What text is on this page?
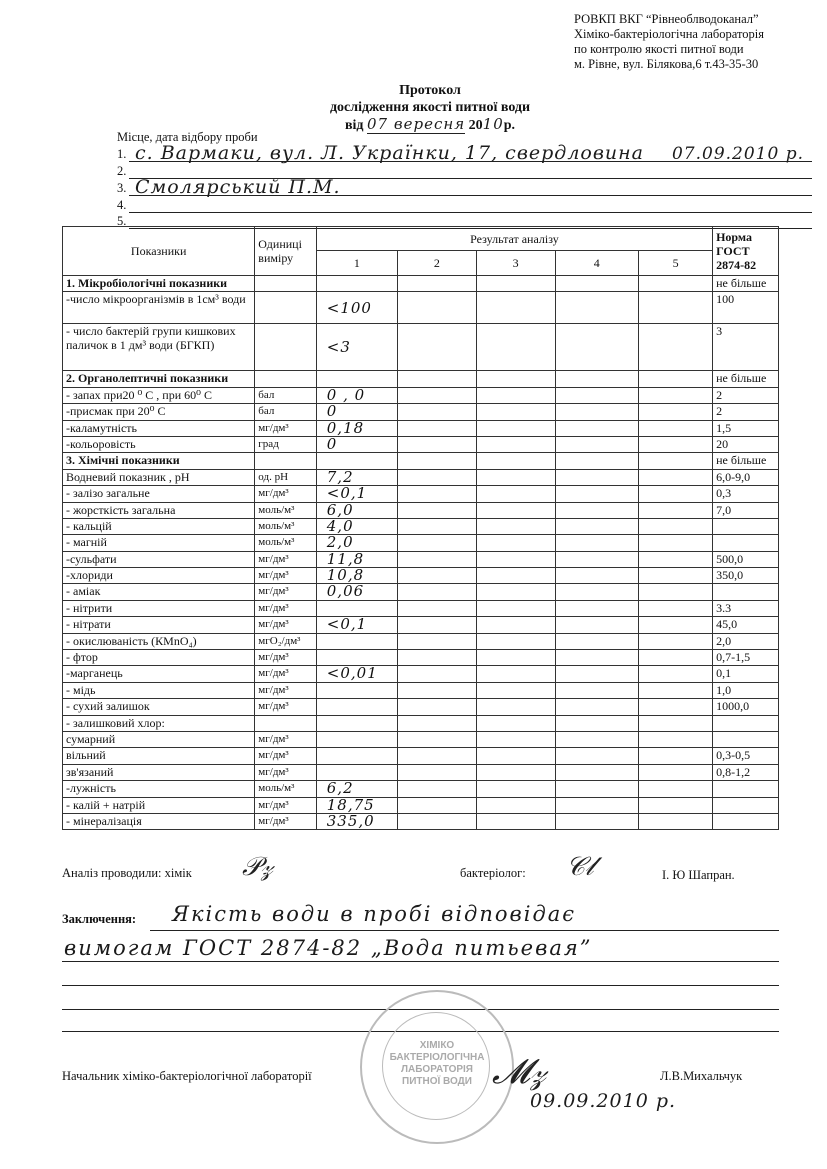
РОВКП ВКГ “Рівнеоблводоканал”
Хіміко-бактеріологічна лабораторія
по контролю якості питної води
м. Рівне, вул. Білякова,6 т.43-35-30
Протокол
дослідження якості питної води
від 07 вересня 2010р.
Місце, дата відбору проби
1. с. Вармаки, вул. Л. Українки, 17, свердловина 07.09.2010 р.
2.
3. Смолярський П.М.
4.
5.
Показники	Одиниці виміру	Результат аналізу					Норма ГОСТ 2874-82
		1	2	3	4	5	
1. Мікробіологічні показники							не більше
-число мікроорганізмів в 1см³ води		<100					100
- число бактерій групи кишкових паличок в 1 дм³ води (БГКП)		<3					3
2. Органолептичні показники							не більше
- запах при20 ⁰ С , при 60⁰ С	бал	0 , 0					2
-присмак при 20⁰ С	бал	0					2
-каламутність	мг/дм³	0,18					1,5
-кольоровість	град	0					20
3. Хімічні показники							не більше
Водневий показник , рН	од. рН	7,2					6,0-9,0
- залізо загальне	мг/дм³	<0,1					0,3
- жорсткість загальна	моль/м³	6,0					7,0
- кальцій	моль/м³	4,0					
- магній	моль/м³	2,0					
-сульфати	мг/дм³	11,8					500,0
-хлориди	мг/дм³	10,8					350,0
- аміак	мг/дм³	0,06					
- нітрити	мг/дм³						3.3
- нітрати	мг/дм³	<0,1					45,0
- окислюваність (КMnO₄)	мгО₂/дм³						2,0
- фтор	мг/дм³						0,7-1,5
-марганець	мг/дм³	<0,01					0,1
- мідь	мг/дм³						1,0
- сухий залишок	мг/дм³						1000,0
- залишковий хлор:							
сумарний	мг/дм³						
вільний	мг/дм³						0,3-0,5
зв'язаний	мг/дм³						0,8-1,2
-лужність	моль/м³	6,2					
- калій + натрій	мг/дм³	18,75					
- мінералізація	мг/дм³	335,0					
Аналіз проводили: хімік 𝒫𝓏	бактеріолог: 𝒞𝓁	І. Ю Шапран.
Заключення: Якість води в пробі відповідає
вимогам ГОСТ 2874-82 „Вода питьевая”
ХІМІКО БАКТЕРІОЛОГІЧНА ЛАБОРАТОРІЯ ПИТНОЇ ВОДИ
Начальник хіміко-бактеріологічної лабораторії	𝓜𝓏	Л.В.Михальчук
09.09.2010 р.
